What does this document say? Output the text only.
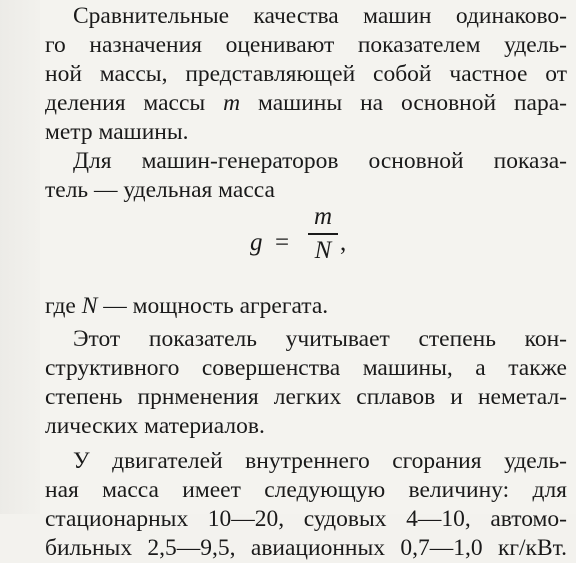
Сравнительные качества машин одинаково-
го назначения оценивают показателем удель-
ной массы, представляющей собой частное от
деления массы m машины на основной пара-
метр машины.
Для машин-генераторов основной показа-
тель — удельная масса
где N — мощность агрегата.
Этот показатель учитывает степень кон-
структивного совершенства машины, а также
степень прнменения легких сплавов и неметал-
лических материалов.
У двигателей внутреннего сгорания удель-
ная масса имеет следующую величину: для
стационарных 10—20, судовых 4—10, автомо-
бильных 2,5—9,5, авиационных 0,7—1,0 кг/кВт.
g =
m
N ,
